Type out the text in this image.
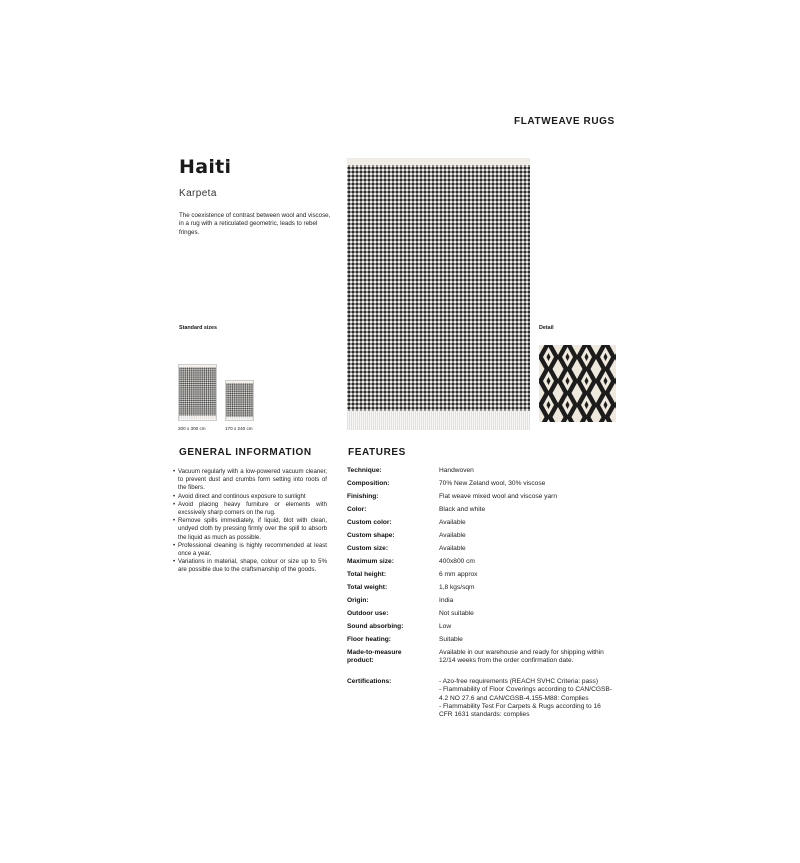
FLATWEAVE RUGS
Haiti
Karpeta
The coexistence of contrast between wool and viscose, in a rug with a reticulated geometric, leads to rebel fringes.
Standard sizes
200 x 300 cm	170 x 240 cm
Detail
GENERAL INFORMATION
• Vacuum regularly with a low-powered vacuum cleaner, to prevent dust and crumbs form setting into roots of the fibers.
• Avoid direct and continous exposure to sunlight
• Avoid placing heavy furniture or elements with excssively sharp corners on the rug.
• Remove spills immediately, if liquid, blot with clean, undyed cloth by pressing firmly over the spill to absorb the liquid as much as possible.
• Professional cleaning is highly recommended at least once a year.
• Variations in material, shape, colour or size up to 5% are possible due to the craftsmanship of the goods.
FEATURES
Technique:	Handwoven
Composition:	70% New Zeland wool, 30% viscose
Finishing:	Flat weave mixed wool and viscose yarn
Color:	Black and white
Custom color:	Available
Custom shape:	Available
Custom size:	Available
Maximum size:	400x800 cm
Total height:	6 mm approx
Total weight:	1,8 kgs/sqm
Origin:	India
Outdoor use:	Not suitable
Sound absorbing:	Low
Floor heating:	Suitable
Made-to-measure product:
Available in our warehouse and ready for shipping within 12/14 weeks from the order confirmation date.
Certifications:	- Azo-free requirements (REACH SVHC Criteria: pass)
- Flammability of Floor Coverings according to CAN/CGSB-4.2 NO 27.6 and CAN/CGSB-4.155-M88: Complies
- Flammability Test For Carpets & Rugs according to 16 CFR 1631 standards: complies
